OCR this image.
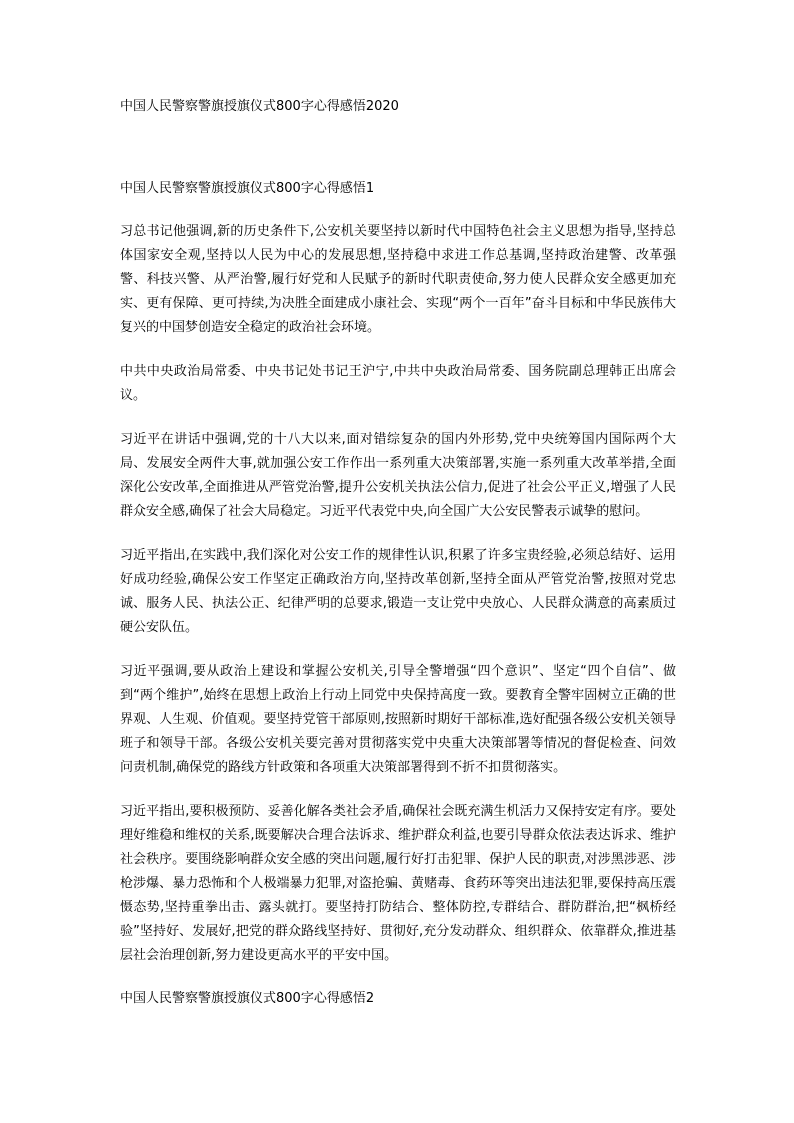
中国人民警察警旗授旗仪式800字心得感悟2020
中国人民警察警旗授旗仪式800字心得感悟1

习总书记他强调,新的历史条件下,公安机关要坚持以新时代中国特色社会主义思想为指导,坚持总体国家安全观,坚持以人民为中心的发展思想,坚持稳中求进工作总基调,坚持政治建警、改革强警、科技兴警、从严治警,履行好党和人民赋予的新时代职责使命,努力使人民群众安全感更加充实、更有保障、更可持续,为决胜全面建成小康社会、实现“两个一百年”奋斗目标和中华民族伟大复兴的中国梦创造安全稳定的政治社会环境。

中共中央政治局常委、中央书记处书记王沪宁,中共中央政治局常委、国务院副总理韩正出席会议。

习近平在讲话中强调,党的十八大以来,面对错综复杂的国内外形势,党中央统筹国内国际两个大局、发展安全两件大事,就加强公安工作作出一系列重大决策部署,实施一系列重大改革举措,全面深化公安改革,全面推进从严管党治警,提升公安机关执法公信力,促进了社会公平正义,增强了人民群众安全感,确保了社会大局稳定。习近平代表党中央,向全国广大公安民警表示诚挚的慰问。

习近平指出,在实践中,我们深化对公安工作的规律性认识,积累了许多宝贵经验,必须总结好、运用好成功经验,确保公安工作坚定正确政治方向,坚持改革创新,坚持全面从严管党治警,按照对党忠诚、服务人民、执法公正、纪律严明的总要求,锻造一支让党中央放心、人民群众满意的高素质过硬公安队伍。

习近平强调,要从政治上建设和掌握公安机关,引导全警增强“四个意识”、坚定“四个自信”、做到“两个维护”,始终在思想上政治上行动上同党中央保持高度一致。要教育全警牢固树立正确的世界观、人生观、价值观。要坚持党管干部原则,按照新时期好干部标准,选好配强各级公安机关领导班子和领导干部。各级公安机关要完善对贯彻落实党中央重大决策部署等情况的督促检查、问效问责机制,确保党的路线方针政策和各项重大决策部署得到不折不扣贯彻落实。

习近平指出,要积极预防、妥善化解各类社会矛盾,确保社会既充满生机活力又保持安定有序。要处理好维稳和维权的关系,既要解决合理合法诉求、维护群众利益,也要引导群众依法表达诉求、维护社会秩序。要围绕影响群众安全感的突出问题,履行好打击犯罪、保护人民的职责,对涉黑涉恶、涉枪涉爆、暴力恐怖和个人极端暴力犯罪,对盗抢骗、黄赌毒、食药环等突出违法犯罪,要保持高压震慑态势,坚持重拳出击、露头就打。要坚持打防结合、整体防控,专群结合、群防群治,把“枫桥经验”坚持好、发展好,把党的群众路线坚持好、贯彻好,充分发动群众、组织群众、依靠群众,推进基层社会治理创新,努力建设更高水平的平安中国。

中国人民警察警旗授旗仪式800字心得感悟2
